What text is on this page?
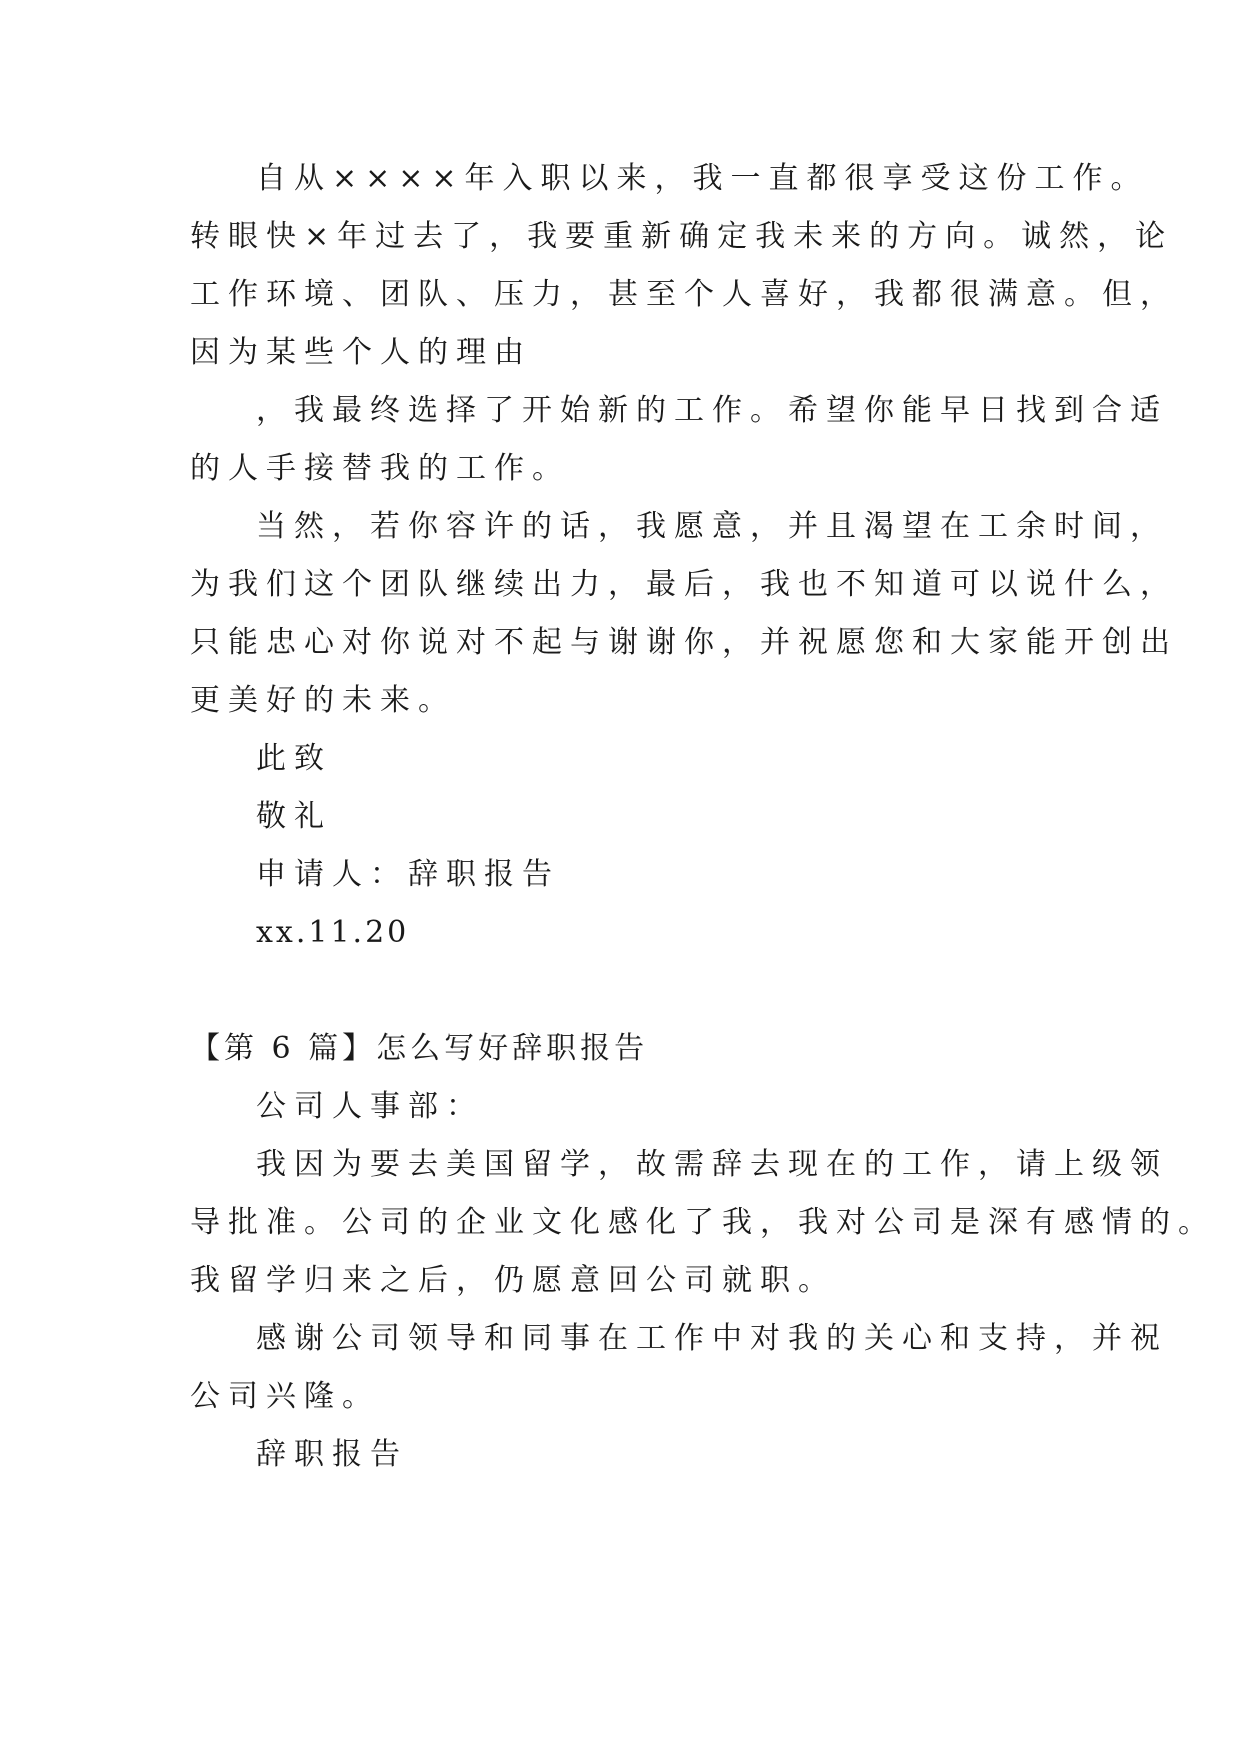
自从××××年入职以来，我一直都很享受这份工作。
转眼快×年过去了，我要重新确定我未来的方向。诚然，论
工作环境、团队、压力，甚至个人喜好，我都很满意。但，
因为某些个人的理由
，我最终选择了开始新的工作。希望你能早日找到合适
的人手接替我的工作。
当然，若你容许的话，我愿意，并且渴望在工余时间，
为我们这个团队继续出力，最后，我也不知道可以说什么，
只能忠心对你说对不起与谢谢你，并祝愿您和大家能开创出
更美好的未来。
此致
敬礼
申请人：辞职报告
xx.11.20
【第 6 篇】怎么写好辞职报告
公司人事部：
我因为要去美国留学，故需辞去现在的工作，请上级领
导批准。公司的企业文化感化了我，我对公司是深有感情的。
我留学归来之后，仍愿意回公司就职。
感谢公司领导和同事在工作中对我的关心和支持，并祝
公司兴隆。
辞职报告
